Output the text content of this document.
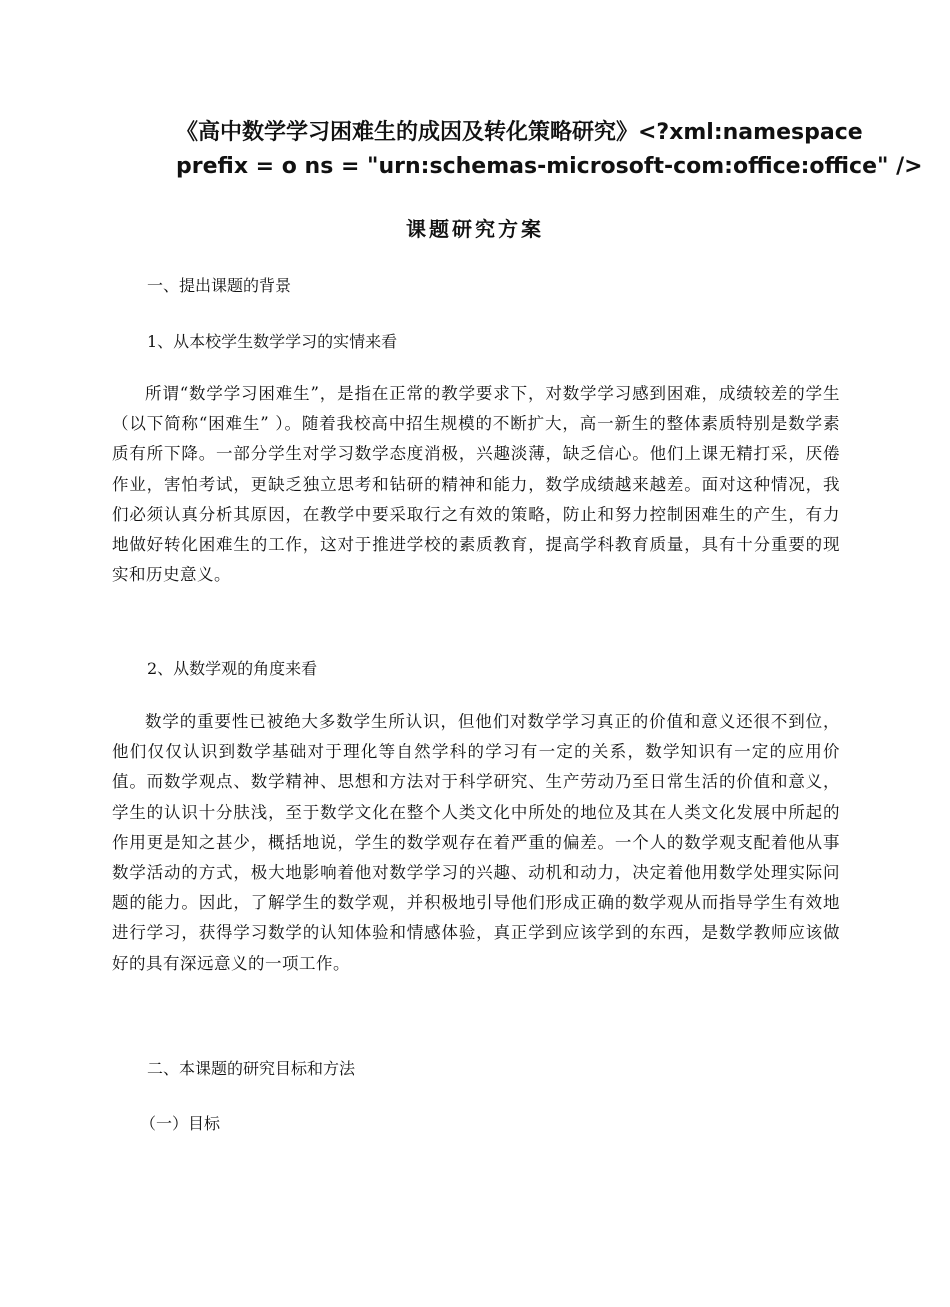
《高中数学学习困难生的成因及转化策略研究》<?xml:namespace
prefix = o ns = "urn:schemas-microsoft-com:office:office" />
课题研究方案

一、提出课题的背景

1、从本校学生数学学习的实情来看

所谓“数学学习困难生”，是指在正常的教学要求下，对数学学习感到困难，成绩较差的学生（以下简称“困难生” ）。随着我校高中招生规模的不断扩大，高一新生的整体素质特别是数学素质有所下降。一部分学生对学习数学态度消极，兴趣淡薄，缺乏信心。他们上课无精打采，厌倦作业，害怕考试，更缺乏独立思考和钻研的精神和能力，数学成绩越来越差。面对这种情况，我们必须认真分析其原因，在教学中要采取行之有效的策略，防止和努力控制困难生的产生，有力地做好转化困难生的工作，这对于推进学校的素质教育，提高学科教育质量，具有十分重要的现实和历史意义。

2、从数学观的角度来看

数学的重要性已被绝大多数学生所认识，但他们对数学学习真正的价值和意义还很不到位，他们仅仅认识到数学基础对于理化等自然学科的学习有一定的关系，数学知识有一定的应用价值。而数学观点、数学精神、思想和方法对于科学研究、生产劳动乃至日常生活的价值和意义，学生的认识十分肤浅，至于数学文化在整个人类文化中所处的地位及其在人类文化发展中所起的作用更是知之甚少，概括地说，学生的数学观存在着严重的偏差。一个人的数学观支配着他从事数学活动的方式，极大地影响着他对数学学习的兴趣、动机和动力，决定着他用数学处理实际问题的能力。因此，了解学生的数学观，并积极地引导他们形成正确的数学观从而指导学生有效地进行学习，获得学习数学的认知体验和情感体验，真正学到应该学到的东西，是数学教师应该做好的具有深远意义的一项工作。

二、本课题的研究目标和方法

（一）目标
